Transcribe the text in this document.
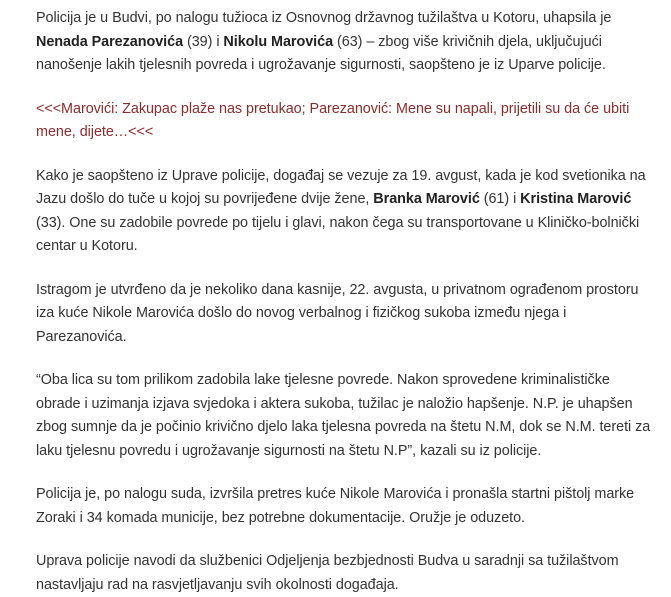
Policija je u Budvi, po nalogu tužioca iz Osnovnog državnog tužilaštva u Kotoru, uhapsila je Nenada Parezanovića (39) i Nikolu Marovića (63) – zbog više krivičnih djela, uključujući nanošenje lakih tjelesnih povreda i ugrožavanje sigurnosti, saopšteno je iz Uparve policije.

<<<Marovići: Zakupac plaže nas pretukao; Parezanović: Mene su napali, prijetili su da će ubiti mene, dijete…<<<

Kako je saopšteno iz Uprave policije, događaj se vezuje za 19. avgust, kada je kod svetionika na Jazu došlo do tuče u kojoj su povrijeđene dvije žene, Branka Marović (61) i Kristina Marović (33). One su zadobile povrede po tijelu i glavi, nakon čega su transportovane u Kliničko-bolnički centar u Kotoru.

Istragom je utvrđeno da je nekoliko dana kasnije, 22. avgusta, u privatnom ograđenom prostoru iza kuće Nikole Marovića došlo do novog verbalnog i fizičkog sukoba između njega i Parezanovića.

“Oba lica su tom prilikom zadobila lake tjelesne povrede. Nakon sprovedene kriminalističke obrade i uzimanja izjava svjedoka i aktera sukoba, tužilac je naložio hapšenje. N.P. je uhapšen zbog sumnje da je počinio krivično djelo laka tjelesna povreda na štetu N.M, dok se N.M. tereti za laku tjelesnu povredu i ugrožavanje sigurnosti na štetu N.P”, kazali su iz policije.

Policija je, po nalogu suda, izvršila pretres kuće Nikole Marovića i pronašla startni pištolj marke Zoraki i 34 komada municije, bez potrebne dokumentacije. Oružje je oduzeto.

Uprava policije navodi da službenici Odjeljenja bezbjednosti Budva u saradnji sa tužilaštvom nastavljaju rad na rasvjetljavanju svih okolnosti događaja.
